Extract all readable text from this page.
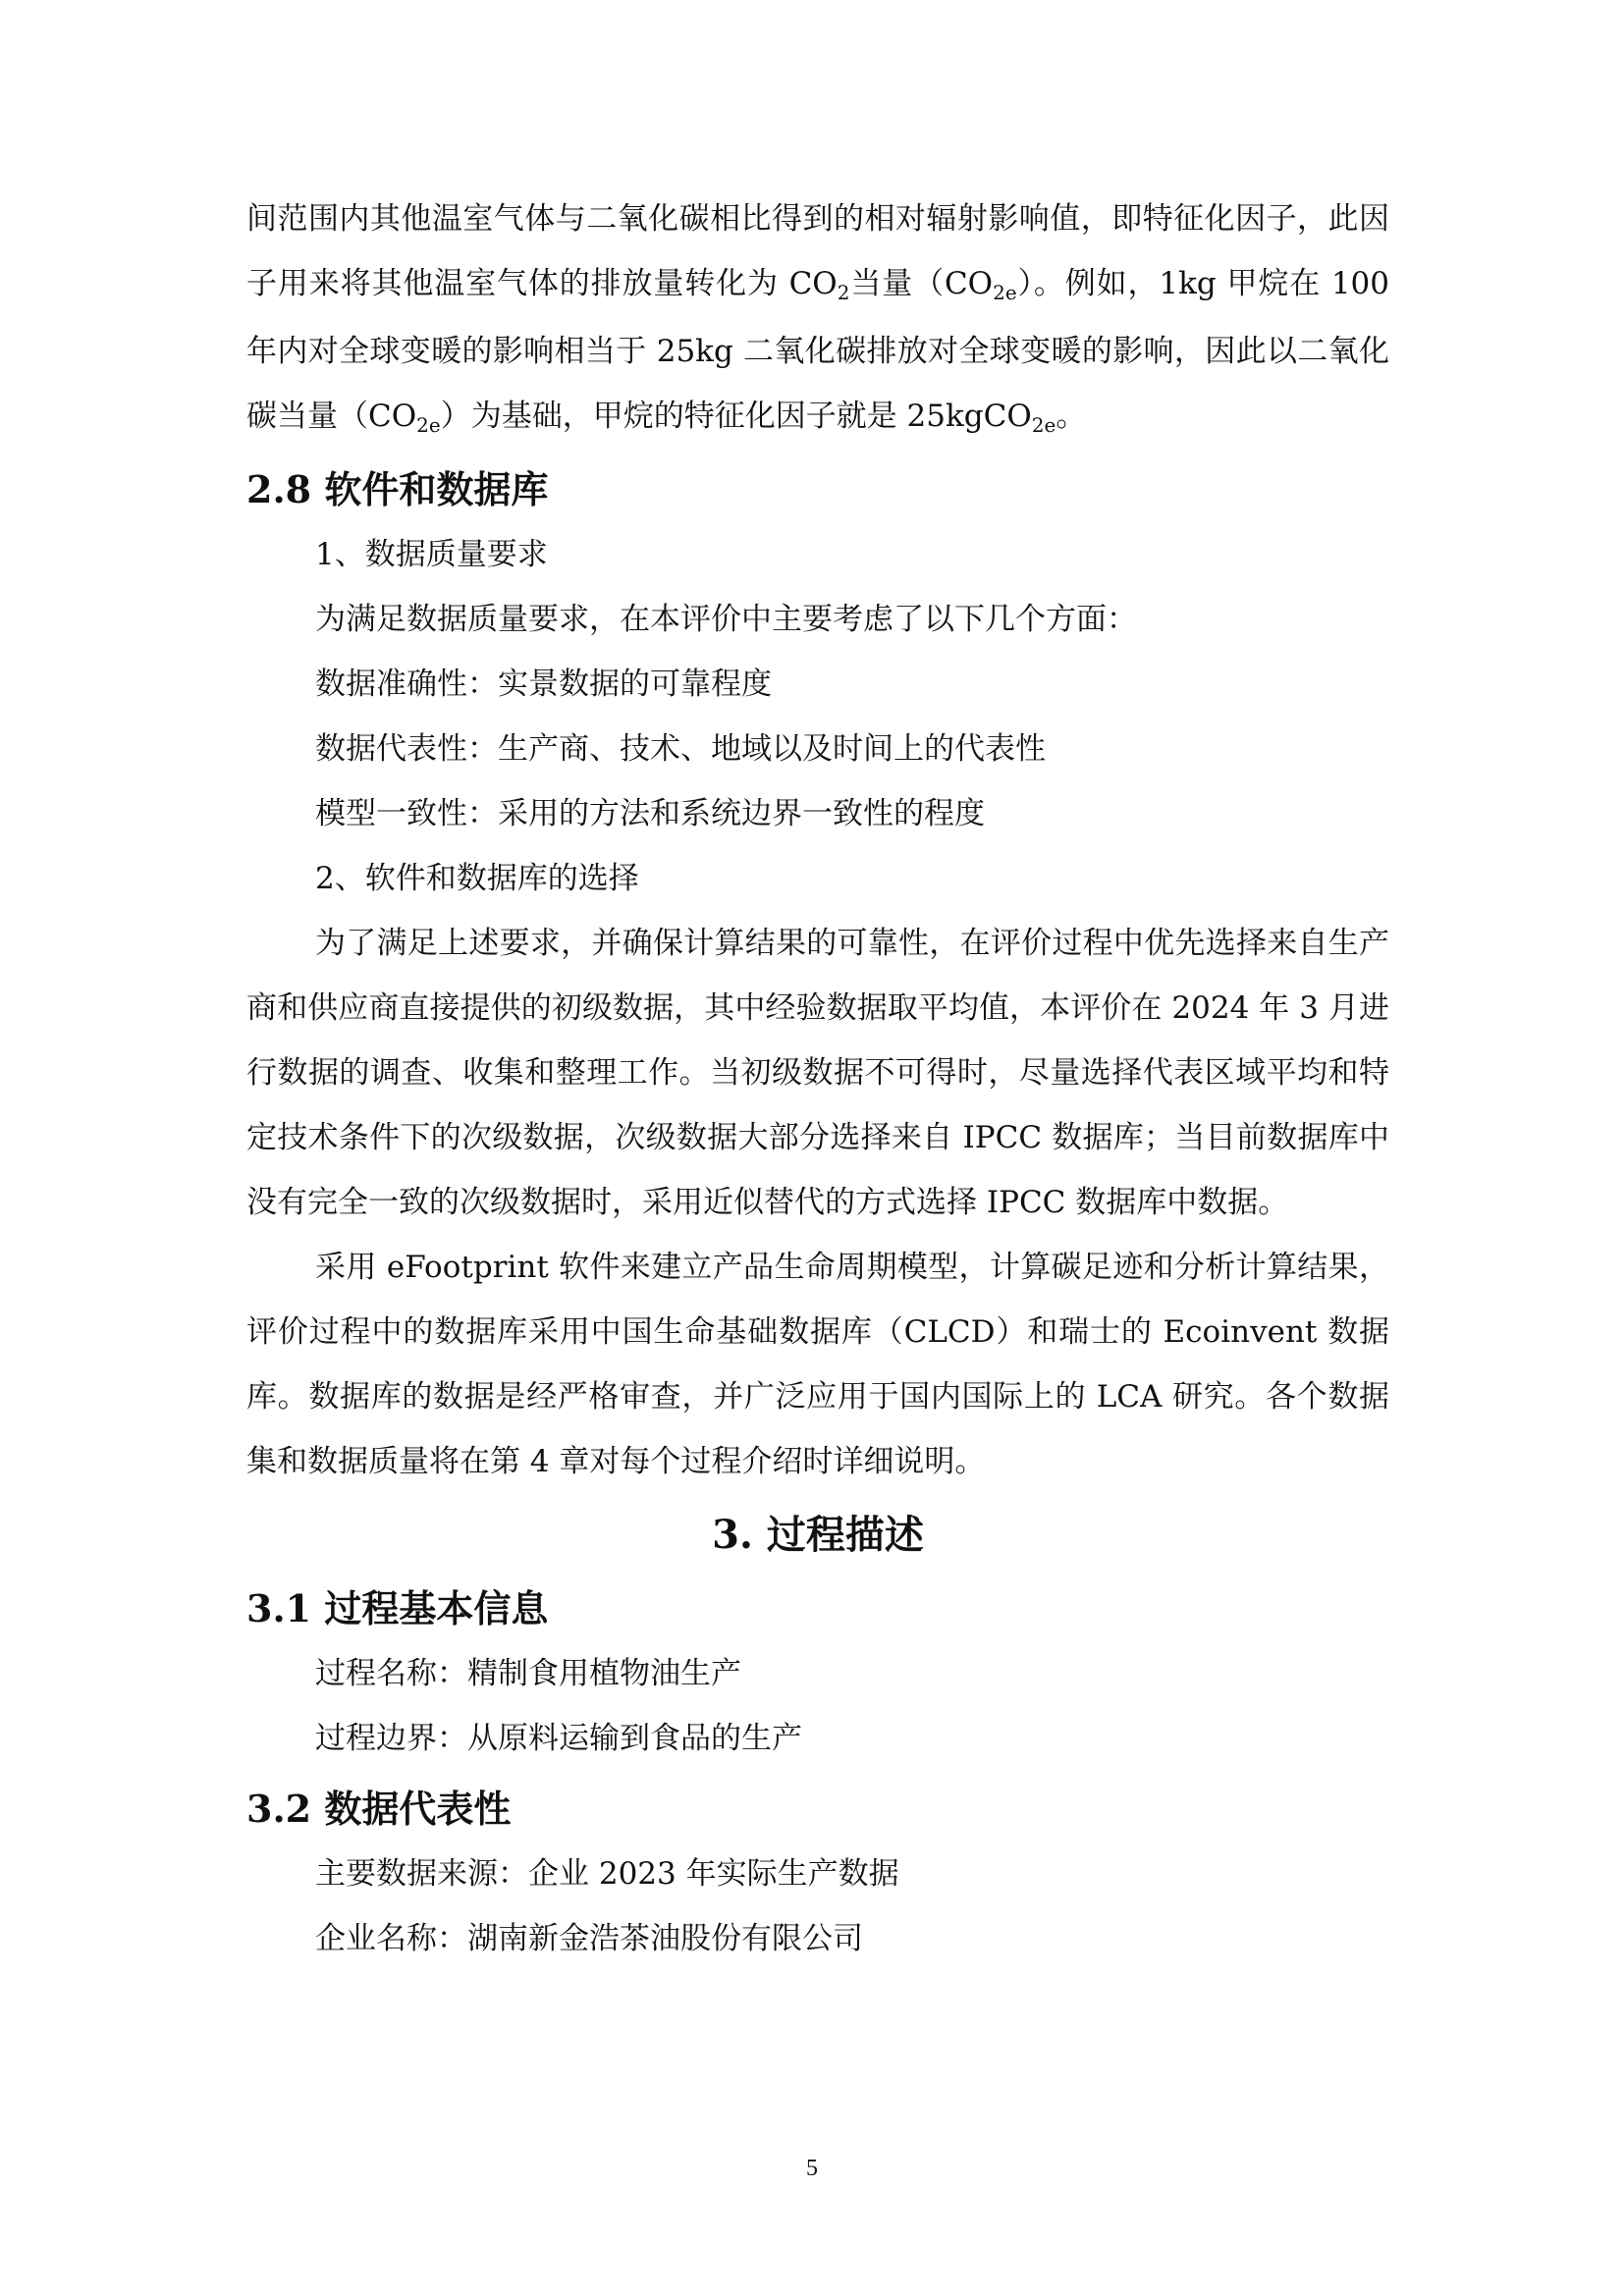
间范围内其他温室气体与二氧化碳相比得到的相对辐射影响值，即特征化因子，此因子用来将其他温室气体的排放量转化为 $CO_2$当量$(CO_{2e})$。例如，1kg 甲烷在 100 年内对全球变暖的影响相当于 25kg 二氧化碳排放对全球变暖的影响，因此以二氧化碳当量$(CO_{2e})$为基础，甲烷的特征化因子就是 25kgCO$_{2e}$。

2.8 软件和数据库

1、数据质量要求

为满足数据质量要求，在本评价中主要考虑了以下几个方面：

数据准确性：实景数据的可靠程度

数据代表性：生产商、技术、地域以及时间上的代表性

模型一致性：采用的方法和系统边界一致性的程度

2、软件和数据库的选择

为了满足上述要求，并确保计算结果的可靠性，在评价过程中优先选择来自生产商和供应商直接提供的初级数据，其中经验数据取平均值，本评价在 2024 年 3 月进行数据的调查、收集和整理工作。当初级数据不可得时，尽量选择代表区域平均和特定技术条件下的次级数据，次级数据大部分选择来自 IPCC 数据库；当目前数据库中没有完全一致的次级数据时，采用近似替代的方式选择 IPCC 数据库中数据。

采用 eFootprint 软件来建立产品生命周期模型，计算碳足迹和分析计算结果，评价过程中的数据库采用中国生命基础数据库（CLCD）和瑞士的 Ecoinvent 数据库。数据库的数据是经严格审查，并广泛应用于国内国际上的 LCA 研究。各个数据集和数据质量将在第 4 章对每个过程介绍时详细说明。

3. 过程描述
3.1 过程基本信息

过程名称：精制食用植物油生产

过程边界：从原料运输到食品的生产

3.2 数据代表性

主要数据来源：企业 2023 年实际生产数据

企业名称：湖南新金浩茶油股份有限公司

5
